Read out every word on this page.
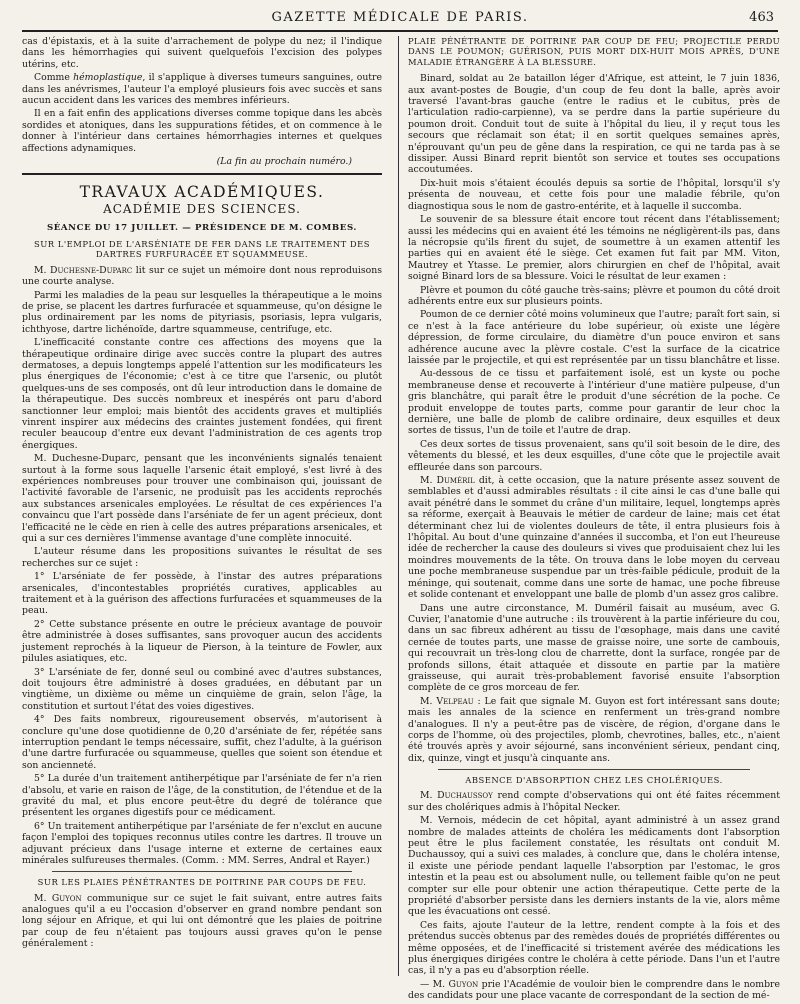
GAZETTE MÉDICALE DE PARIS.	463

cas d'épistaxis, et à la suite d'arrachement de polype du nez; il l'indique dans les hémorrhagies qui suivent quelquefois l'excision des polypes utérins, etc.

Comme hémoplastique, il s'applique à diverses tumeurs sanguines, outre dans les anévrismes, l'auteur l'a employé plusieurs fois avec succès et sans aucun accident dans les varices des membres inférieurs.

Il en a fait enfin des applications diverses comme topique dans les abcès sordides et atoniques, dans les suppurations fétides, et on commence à le donner à l'intérieur dans certaines hémorrhagies internes et quelques affections adynamiques.

(La fin au prochain numéro.)

TRAVAUX ACADÉMIQUES.
ACADÉMIE DES SCIENCES.
SÉANCE DU 17 JUILLET. — PRÉSIDENCE DE M. COMBES.
SUR L'EMPLOI DE L'ARSÉNIATE DE FER DANS LE TRAITEMENT DES DARTRES FURFURACÉE ET SQUAMMEUSE.

M. Duchesne-Duparc lit sur ce sujet un mémoire dont nous reproduisons une courte analyse.

Parmi les maladies de la peau sur lesquelles la thérapeutique a le moins de prise, se placent les dartres furfuracée et squammeuse, qu'on désigne le plus ordinairement par les noms de pityriasis, psoriasis, lepra vulgaris, ichthyose, dartre lichénoïde, dartre squammeuse, centrifuge, etc.

L'inefficacité constante contre ces affections des moyens que la thérapeutique ordinaire dirige avec succès contre la plupart des autres dermatoses, a depuis longtemps appelé l'attention sur les modificateurs les plus énergiques de l'économie; c'est à ce titre que l'arsenic, ou plutôt quelques-uns de ses composés, ont dû leur introduction dans le domaine de la thérapeutique. Des succès nombreux et inespérés ont paru d'abord sanctionner leur emploi; mais bientôt des accidents graves et multipliés vinrent inspirer aux médecins des craintes justement fondées, qui firent reculer beaucoup d'entre eux devant l'administration de ces agents trop énergiques.

M. Duchesne-Duparc, pensant que les inconvénients signalés tenaient surtout à la forme sous laquelle l'arsenic était employé, s'est livré à des expériences nombreuses pour trouver une combinaison qui, jouissant de l'activité favorable de l'arsenic, ne produisît pas les accidents reprochés aux substances arsenicales employées. Le résultat de ces expériences l'a convaincu que l'art possède dans l'arséniate de fer un agent précieux, dont l'efficacité ne le cède en rien à celle des autres préparations arsenicales, et qui a sur ces dernières l'immense avantage d'une complète innocuité.

L'auteur résume dans les propositions suivantes le résultat de ses recherches sur ce sujet :

1° L'arséniate de fer possède, à l'instar des autres préparations arsenicales, d'incontestables propriétés curatives, applicables au traitement et à la guérison des affections furfuracées et squammeuses de la peau.

2° Cette substance présente en outre le précieux avantage de pouvoir être administrée à doses suffisantes, sans provoquer aucun des accidents justement reprochés à la liqueur de Pierson, à la teinture de Fowler, aux pilules asiatiques, etc.

3° L'arséniate de fer, donné seul ou combiné avec d'autres substances, doit toujours être administré à doses graduées, en débutant par un vingtième, un dixième ou même un cinquième de grain, selon l'âge, la constitution et surtout l'état des voies digestives.

4° Des faits nombreux, rigoureusement observés, m'autorisent à conclure qu'une dose quotidienne de 0,20 d'arséniate de fer, répétée sans interruption pendant le temps nécessaire, suffit, chez l'adulte, à la guérison d'une dartre furfuracée ou squammeuse, quelles que soient son étendue et son ancienneté.

5° La durée d'un traitement antiherpétique par l'arséniate de fer n'a rien d'absolu, et varie en raison de l'âge, de la constitution, de l'étendue et de la gravité du mal, et plus encore peut-être du degré de tolérance que présentent les organes digestifs pour ce médicament.

6° Un traitement antiherpétique par l'arséniate de fer n'exclut en aucune façon l'emploi des topiques reconnus utiles contre les dartres. Il trouve un adjuvant précieux dans l'usage interne et externe de certaines eaux minérales sulfureuses thermales. (Comm. : MM. Serres, Andral et Rayer.)

SUR LES PLAIES PÉNÉTRANTES DE POITRINE PAR COUPS DE FEU.

M. Guyon communique sur ce sujet le fait suivant, entre autres faits analogues qu'il a eu l'occasion d'observer en grand nombre pendant son long séjour en Afrique, et qui lui ont démontré que les plaies de poitrine par coup de feu n'étaient pas toujours aussi graves qu'on le pense généralement :

PLAIE PÉNÉTRANTE DE POITRINE PAR COUP DE FEU; PROJECTILE PERDU DANS LE POUMON; GUÉRISON, PUIS MORT DIX-HUIT MOIS APRÈS, D'UNE MALADIE ÉTRANGÈRE À LA BLESSURE.

Binard, soldat au 2e bataillon léger d'Afrique, est atteint, le 7 juin 1836, aux avant-postes de Bougie, d'un coup de feu dont la balle, après avoir traversé l'avant-bras gauche (entre le radius et le cubitus, près de l'articulation radio-carpienne), va se perdre dans la partie supérieure du poumon droit. Conduit tout de suite à l'hôpital du lieu, il y reçut tous les secours que réclamait son état; il en sortit quelques semaines après, n'éprouvant qu'un peu de gêne dans la respiration, ce qui ne tarda pas à se dissiper. Aussi Binard reprit bientôt son service et toutes ses occupations accoutumées.

Dix-huit mois s'étaient écoulés depuis sa sortie de l'hôpital, lorsqu'il s'y présenta de nouveau, et cette fois pour une maladie fébrile, qu'on diagnostiqua sous le nom de gastro-entérite, et à laquelle il succomba.

Le souvenir de sa blessure était encore tout récent dans l'établissement; aussi les médecins qui en avaient été les témoins ne négligèrent-ils pas, dans la nécropsie qu'ils firent du sujet, de soumettre à un examen attentif les parties qui en avaient été le siège. Cet examen fut fait par MM. Viton, Mautrey et Ytasse. Le premier, alors chirurgien en chef de l'hôpital, avait soigné Binard lors de sa blessure. Voici le résultat de leur examen :

Plèvre et poumon du côté gauche très-sains; plèvre et poumon du côté droit adhérents entre eux sur plusieurs points.

Poumon de ce dernier côté moins volumineux que l'autre; paraît fort sain, si ce n'est à la face antérieure du lobe supérieur, où existe une légère dépression, de forme circulaire, du diamètre d'un pouce environ et sans adhérence aucune avec la plèvre costale. C'est la surface de la cicatrice laissée par le projectile, et qui est représentée par un tissu blanchâtre et lisse.

Au-dessous de ce tissu et parfaitement isolé, est un kyste ou poche membraneuse dense et recouverte à l'intérieur d'une matière pulpeuse, d'un gris blanchâtre, qui paraît être le produit d'une sécrétion de la poche. Ce produit enveloppe de toutes parts, comme pour garantir de leur choc la dernière, une balle de plomb de calibre ordinaire, deux esquilles et deux sortes de tissus, l'un de toile et l'autre de drap.

Ces deux sortes de tissus provenaient, sans qu'il soit besoin de le dire, des vêtements du blessé, et les deux esquilles, d'une côte que le projectile avait effleurée dans son parcours.

M. Duméril dit, à cette occasion, que la nature présente assez souvent de semblables et d'aussi admirables résultats : il cite ainsi le cas d'une balle qui avait pénétré dans le sommet du crâne d'un militaire, lequel, longtemps après sa réforme, exerçait à Beauvais le métier de cardeur de laine; mais cet état déterminant chez lui de violentes douleurs de tête, il entra plusieurs fois à l'hôpital. Au bout d'une quinzaine d'années il succomba, et l'on eut l'heureuse idée de rechercher la cause des douleurs si vives que produisaient chez lui les moindres mouvements de la tête. On trouva dans le lobe moyen du cerveau une poche membraneuse suspendue par un très-faible pédicule, produit de la méninge, qui soutenait, comme dans une sorte de hamac, une poche fibreuse et solide contenant et enveloppant une balle de plomb d'un assez gros calibre.

Dans une autre circonstance, M. Duméril faisait au muséum, avec G. Cuvier, l'anatomie d'une autruche : ils trouvèrent à la partie inférieure du cou, dans un sac fibreux adhérent au tissu de l'œsophage, mais dans une cavité cernée de toutes parts, une masse de graisse noire, une sorte de cambouis, qui recouvrait un très-long clou de charrette, dont la surface, rongée par de profonds sillons, était attaquée et dissoute en partie par la matière graisseuse, qui aurait très-probablement favorisé ensuite l'absorption complète de ce gros morceau de fer.

M. Velpeau : Le fait que signale M. Guyon est fort intéressant sans doute; mais les annales de la science en renferment un très-grand nombre d'analogues. Il n'y a peut-être pas de viscère, de région, d'organe dans le corps de l'homme, où des projectiles, plomb, chevrotines, balles, etc., n'aient été trouvés après y avoir séjourné, sans inconvénient sérieux, pendant cinq, dix, quinze, vingt et jusqu'à cinquante ans.

ABSENCE D'ABSORPTION CHEZ LES CHOLÉRIQUES.

M. Duchaussoy rend compte d'observations qui ont été faites récemment sur des cholériques admis à l'hôpital Necker.

M. Vernois, médecin de cet hôpital, ayant administré à un assez grand nombre de malades atteints de choléra les médicaments dont l'absorption peut être le plus facilement constatée, les résultats ont conduit M. Duchaussoy, qui a suivi ces malades, à conclure que, dans le choléra intense, il existe une période pendant laquelle l'absorption par l'estomac, le gros intestin et la peau est ou absolument nulle, ou tellement faible qu'on ne peut compter sur elle pour obtenir une action thérapeutique. Cette perte de la propriété d'absorber persiste dans les derniers instants de la vie, alors même que les évacuations ont cessé.

Ces faits, ajoute l'auteur de la lettre, rendent compte à la fois et des prétendus succès obtenus par des remèdes doués de propriétés différentes ou même opposées, et de l'inefficacité si tristement avérée des médications les plus énergiques dirigées contre le choléra à cette période. Dans l'un et l'autre cas, il n'y a pas eu d'absorption réelle.

— M. Guyon prie l'Académie de vouloir bien le comprendre dans le nombre des candidats pour une place vacante de correspondant de la section de mé-
